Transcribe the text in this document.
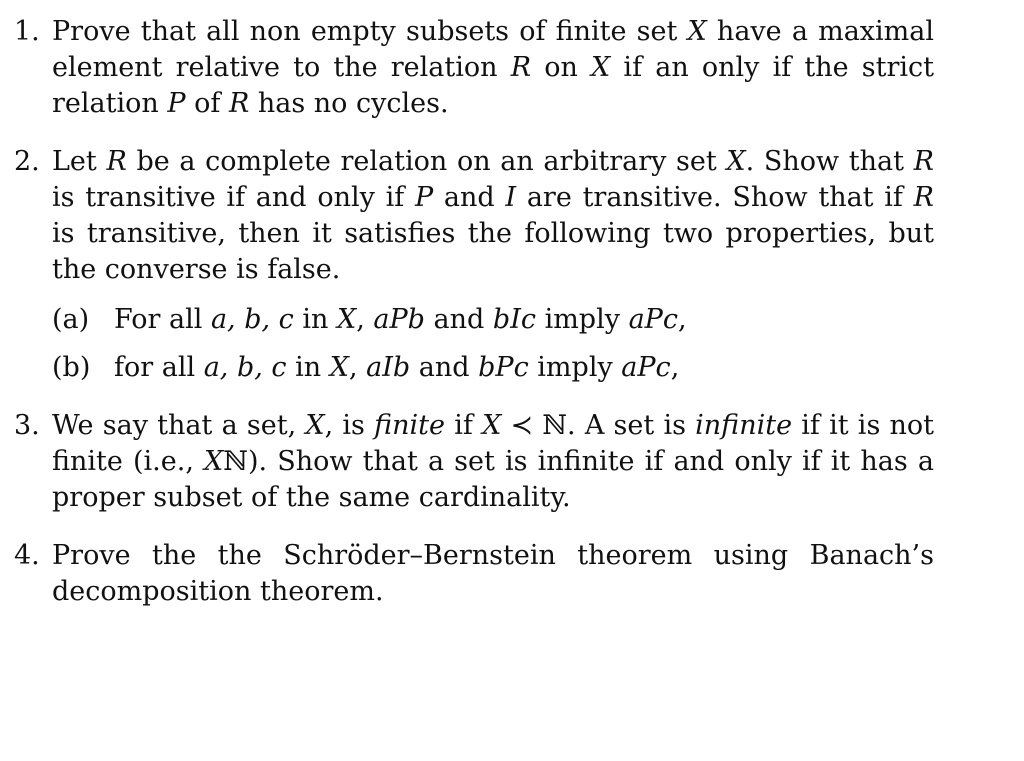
1. Prove that all non empty subsets of finite set X have a maximal element relative to the relation R on X if an only if the strict relation P of R has no cycles.
2. Let R be a complete relation on an arbitrary set X. Show that R is transitive if and only if P and I are transitive. Show that if R is transitive, then it satisfies the following two properties, but the converse is false.
(a) For all a, b, c in X, aPb and bIc imply aPc,
(b) for all a, b, c in X, aIb and bPc imply aPc,
3. We say that a set, X, is finite if X ≺ ℕ. A set is infinite if it is not finite (i.e., Xℕ). Show that a set is infinite if and only if it has a proper subset of the same cardinality.
4. Prove the the Schröder–Bernstein theorem using Banach’s decomposition theorem.
